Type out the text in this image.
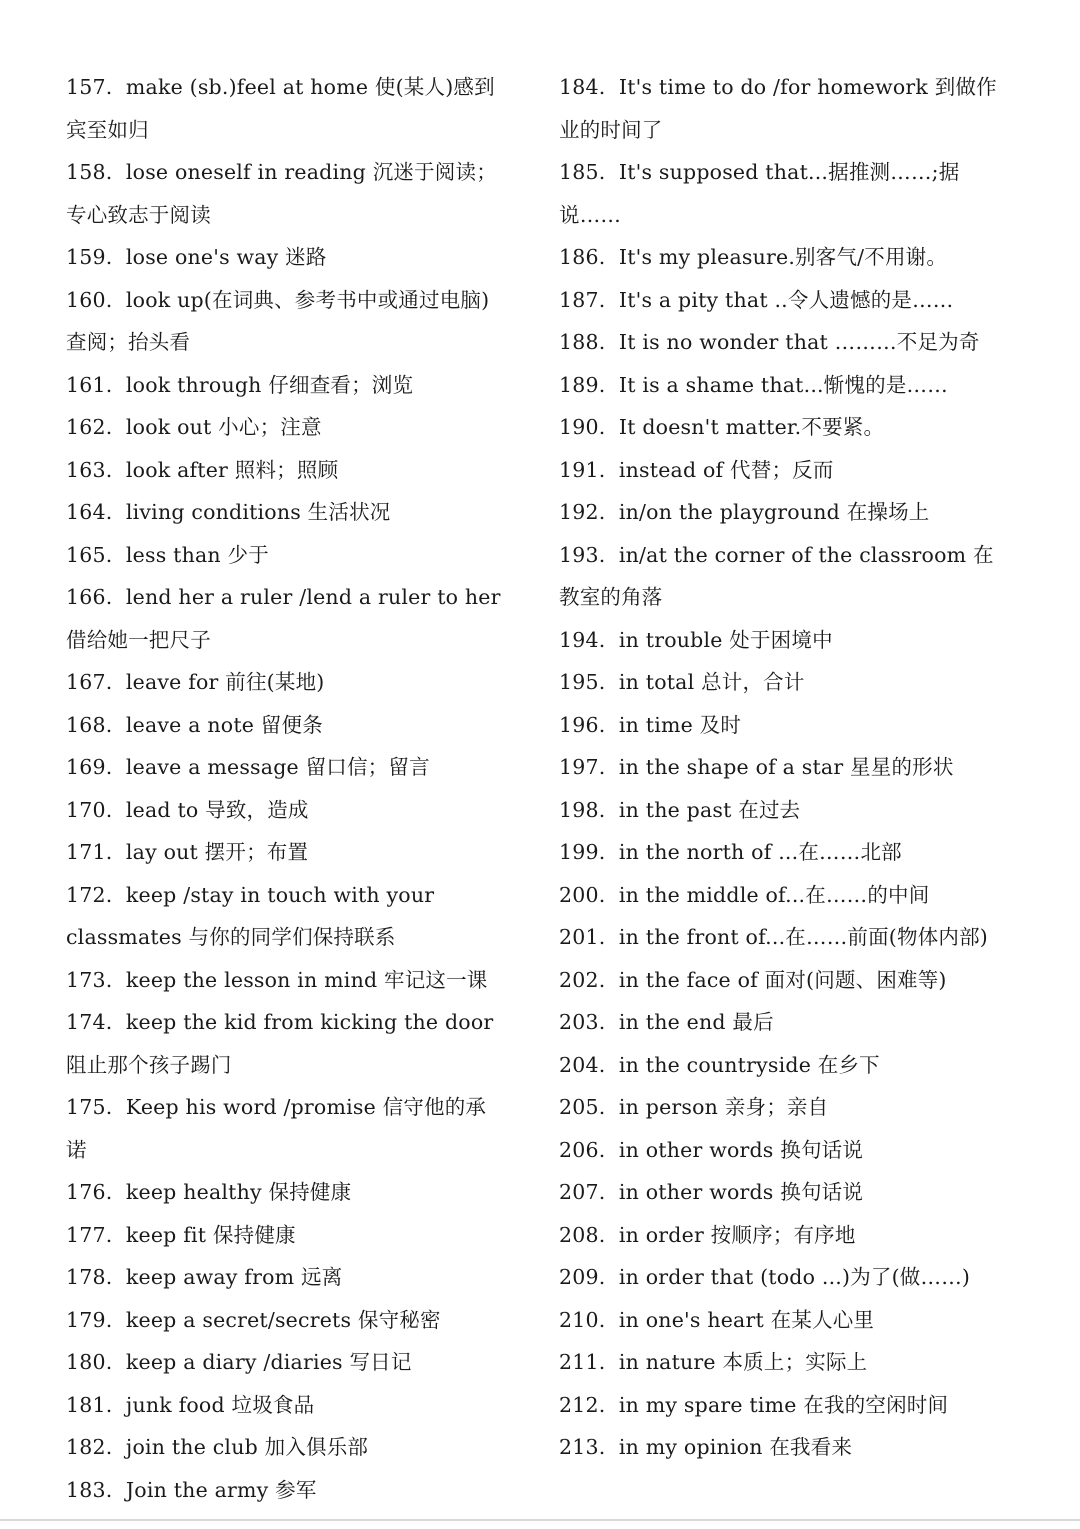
157. make (sb.)feel at home 使(某人)感到宾至如归
158. lose oneself in reading 沉迷于阅读；专心致志于阅读
159. lose one's way 迷路
160. look up(在词典、参考书中或通过电脑)查阅；抬头看
161. look through 仔细查看；浏览
162. look out 小心；注意
163. look after 照料；照顾
164. living conditions 生活状况
165. less than 少于
166. lend her a ruler /lend a ruler to her 借给她一把尺子
167. leave for 前往(某地)
168. leave a note 留便条
169. leave a message 留口信；留言
170. lead to 导致，造成
171. lay out 摆开；布置
172. keep /stay in touch with your classmates 与你的同学们保持联系
173. keep the lesson in mind 牢记这一课
174. keep the kid from kicking the door 阻止那个孩子踢门
175. Keep his word /promise 信守他的承诺
176. keep healthy 保持健康
177. keep fit 保持健康
178. keep away from 远离
179. keep a secret/secrets 保守秘密
180. keep a diary /diaries 写日记
181. junk food 垃圾食品
182. join the club 加入俱乐部
183. Join the army 参军
184. It's time to do /for homework 到做作业的时间了
185. It's supposed that...据推测……;据说……
186. It's my pleasure.别客气/不用谢。
187. It's a pity that ..令人遗憾的是……
188. It is no wonder that ………不足为奇
189. It is a shame that...惭愧的是……
190. It doesn't matter.不要紧。
191. instead of 代替；反而
192. in/on the playground 在操场上
193. in/at the corner of the classroom 在教室的角落
194. in trouble 处于困境中
195. in total 总计，合计
196. in time 及时
197. in the shape of a star 星星的形状
198. in the past 在过去
199. in the north of ...在……北部
200. in the middle of...在……的中间
201. in the front of...在……前面(物体内部)
202. in the face of 面对(问题、困难等)
203. in the end 最后
204. in the countryside 在乡下
205. in person 亲身；亲自
206. in other words 换句话说
207. in other words 换句话说
208. in order 按顺序；有序地
209. in order that (todo ...)为了(做……)
210. in one's heart 在某人心里
211. in nature 本质上；实际上
212. in my spare time 在我的空闲时间
213. in my opinion 在我看来
